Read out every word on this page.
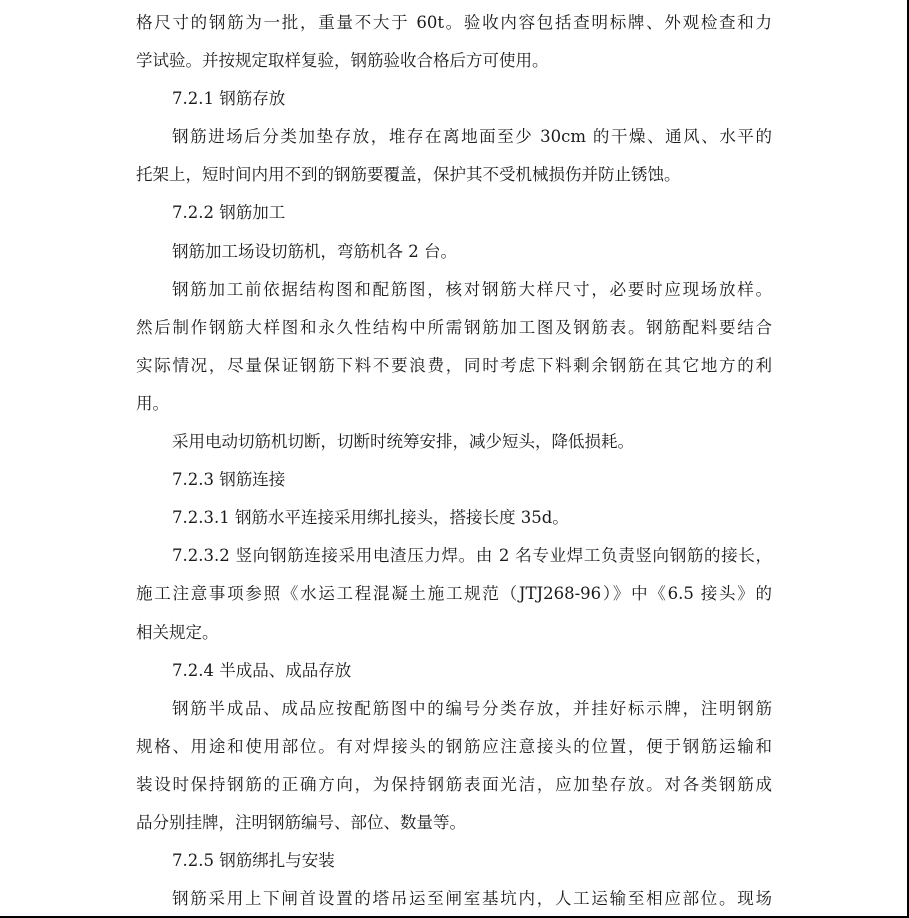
格尺寸的钢筋为一批，重量不大于 60t。验收内容包括查明标牌、外观检查和力
学试验。并按规定取样复验，钢筋验收合格后方可使用。
7.2.1 钢筋存放
钢筋进场后分类加垫存放，堆存在离地面至少 30cm 的干燥、通风、水平的
托架上，短时间内用不到的钢筋要覆盖，保护其不受机械损伤并防止锈蚀。
7.2.2 钢筋加工
钢筋加工场设切筋机，弯筋机各 2 台。
钢筋加工前依据结构图和配筋图，核对钢筋大样尺寸，必要时应现场放样。
然后制作钢筋大样图和永久性结构中所需钢筋加工图及钢筋表。钢筋配料要结合
实际情况，尽量保证钢筋下料不要浪费，同时考虑下料剩余钢筋在其它地方的利
用。
采用电动切筋机切断，切断时统筹安排，减少短头，降低损耗。
7.2.3 钢筋连接
7.2.3.1 钢筋水平连接采用绑扎接头，搭接长度 35d。
7.2.3.2 竖向钢筋连接采用电渣压力焊。由 2 名专业焊工负责竖向钢筋的接长，
施工注意事项参照《水运工程混凝土施工规范（JTJ268-96）》中《6.5 接头》的
相关规定。
7.2.4 半成品、成品存放
钢筋半成品、成品应按配筋图中的编号分类存放，并挂好标示牌，注明钢筋
规格、用途和使用部位。有对焊接头的钢筋应注意接头的位置，便于钢筋运输和
装设时保持钢筋的正确方向，为保持钢筋表面光洁，应加垫存放。对各类钢筋成
品分别挂牌，注明钢筋编号、部位、数量等。
7.2.5 钢筋绑扎与安装
钢筋采用上下闸首设置的塔吊运至闸室基坑内，人工运输至相应部位。现场
